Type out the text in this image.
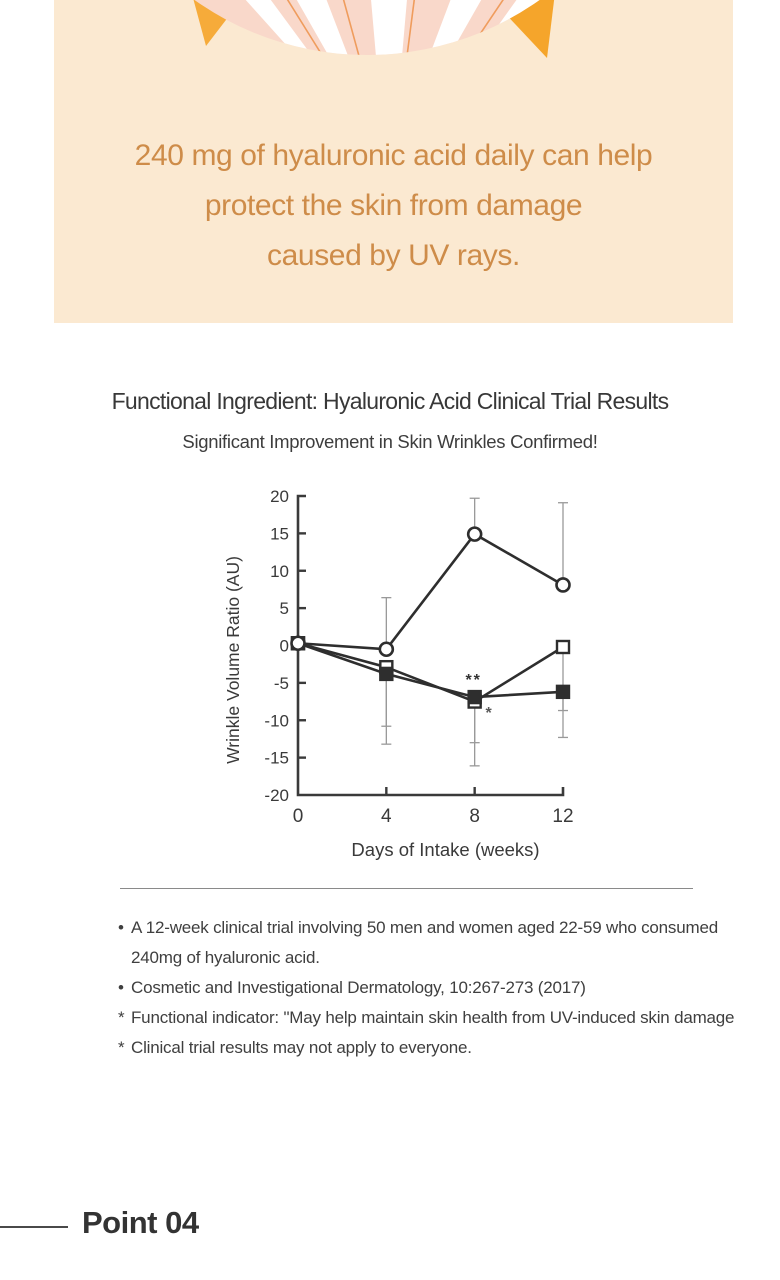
240 mg of hyaluronic acid daily can help
protect the skin from damage
caused by UV rays.
Functional Ingredient: Hyaluronic Acid Clinical Trial Results

Significant Improvement in Skin Wrinkles Confirmed!

20
15
10
5
0
-5
-10
-15
-20
0	4	8	12
Wrinkle Volume Ratio (AU)
Days of Intake (weeks)
**
*
• A 12-week clinical trial involving 50 men and women aged 22-59 who consumed
240mg of hyaluronic acid.
• Cosmetic and Investigational Dermatology, 10:267-273 (2017)
* Functional indicator: "May help maintain skin health from UV-induced skin damage
* Clinical trial results may not apply to everyone.
Point 04
